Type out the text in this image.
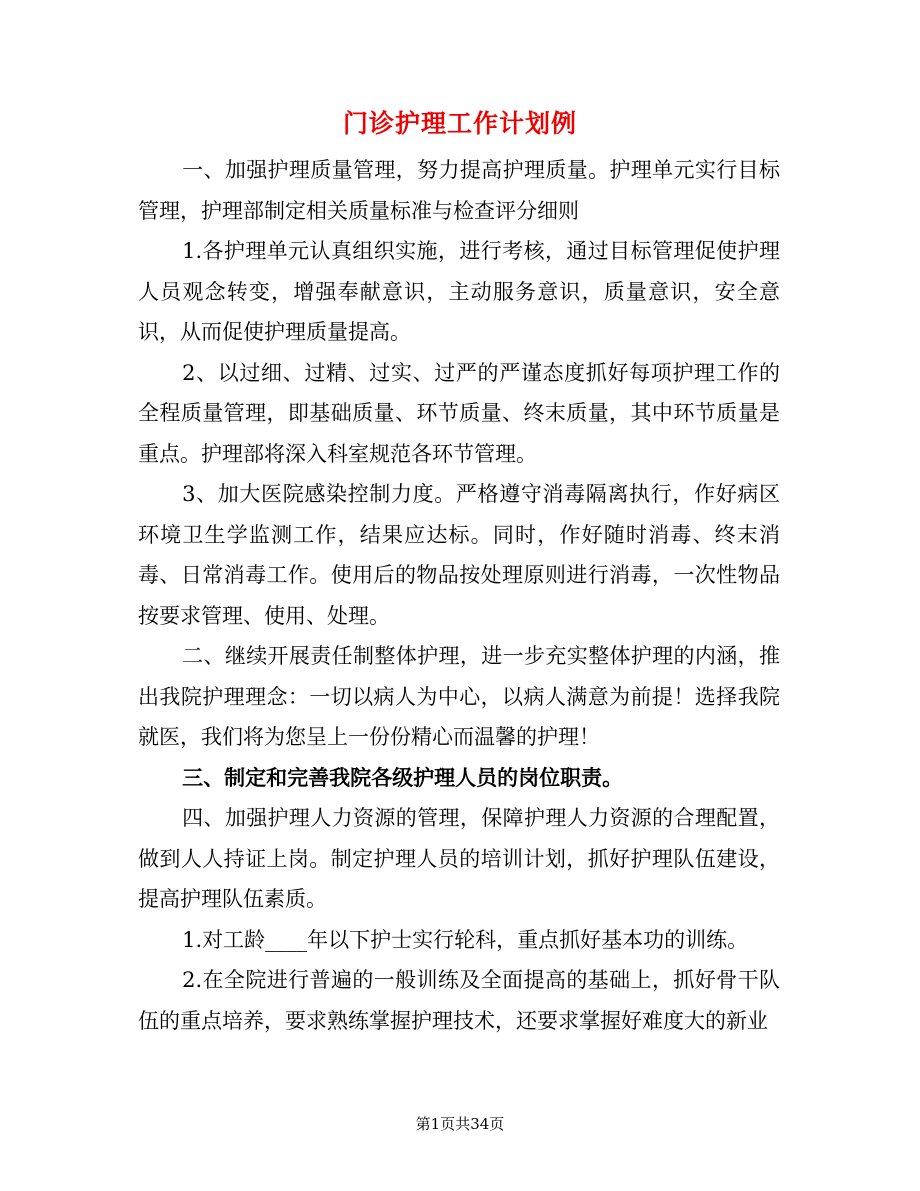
门诊护理工作计划例

一、加强护理质量管理，努力提高护理质量。护理单元实行目标管理，护理部制定相关质量标准与检查评分细则

1.各护理单元认真组织实施，进行考核，通过目标管理促使护理人员观念转变，增强奉献意识，主动服务意识，质量意识，安全意识，从而促使护理质量提高。

2、以过细、过精、过实、过严的严谨态度抓好每项护理工作的全程质量管理，即基础质量、环节质量、终末质量，其中环节质量是重点。护理部将深入科室规范各环节管理。

3、加大医院感染控制力度。严格遵守消毒隔离执行，作好病区环境卫生学监测工作，结果应达标。同时，作好随时消毒、终末消毒、日常消毒工作。使用后的物品按处理原则进行消毒，一次性物品按要求管理、使用、处理。

二、继续开展责任制整体护理，进一步充实整体护理的内涵，推出我院护理理念：一切以病人为中心，以病人满意为前提！选择我院就医，我们将为您呈上一份份精心而温馨的护理！

三、制定和完善我院各级护理人员的岗位职责。

四、加强护理人力资源的管理，保障护理人力资源的合理配置，做到人人持证上岗。制定护理人员的培训计划，抓好护理队伍建设，提高护理队伍素质。

1.对工龄____年以下护士实行轮科，重点抓好基本功的训练。

2.在全院进行普遍的一般训练及全面提高的基础上，抓好骨干队伍的重点培养，要求熟练掌握护理技术，还要求掌握好难度大的新业

第1页共34页
